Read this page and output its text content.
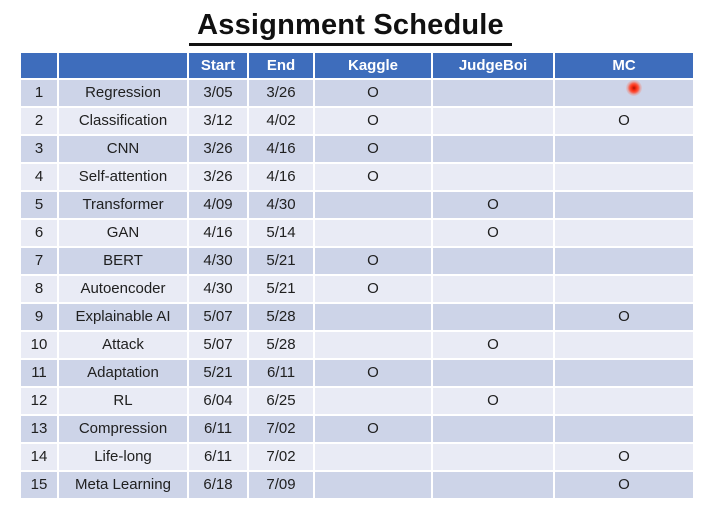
Assignment Schedule
		Start	End	Kaggle	JudgeBoi	MC
1	Regression	3/05	3/26	O		
2	Classification	3/12	4/02	O		O
3	CNN	3/26	4/16	O		
4	Self-attention	3/26	4/16	O		
5	Transformer	4/09	4/30		O	
6	GAN	4/16	5/14		O	
7	BERT	4/30	5/21	O		
8	Autoencoder	4/30	5/21	O		
9	Explainable AI	5/07	5/28			O
10	Attack	5/07	5/28		O	
11	Adaptation	5/21	6/11	O		
12	RL	6/04	6/25		O	
13	Compression	6/11	7/02	O		
14	Life-long	6/11	7/02			O
15	Meta Learning	6/18	7/09			O
